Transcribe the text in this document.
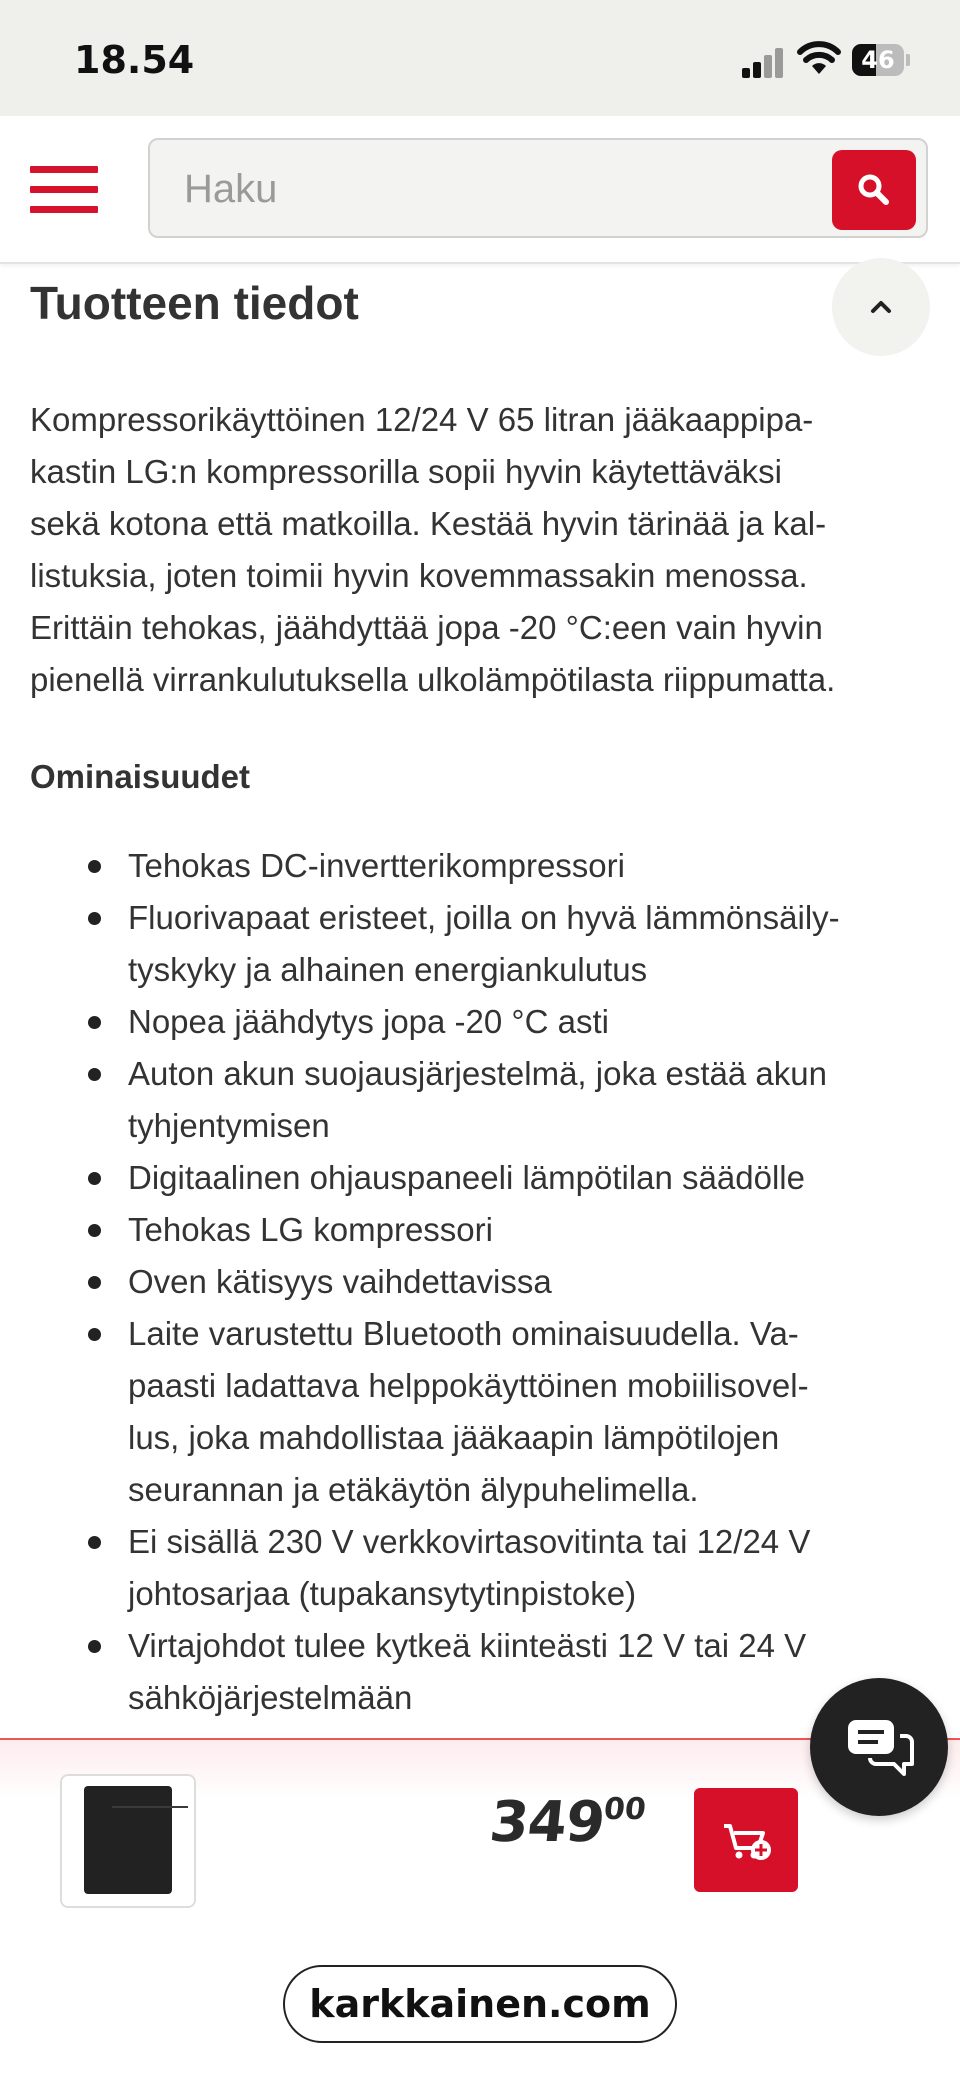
18.54	46
Haku
Tuotteen tiedot

Kompressorikäyttöinen 12/24 V 65 litran jääkaappipa-
kastin LG:n kompressorilla sopii hyvin käytettäväksi
sekä kotona että matkoilla. Kestää hyvin tärinää ja kal-
listuksia, joten toimii hyvin kovemmassakin menossa.
Erittäin tehokas, jäähdyttää jopa -20 °C:een vain hyvin
pienellä virrankulutuksella ulkolämpötilasta riippumatta.

Ominaisuudet
Tehokas DC-invertterikompressori
Fluorivapaat eristeet, joilla on hyvä lämmönsäily-
tyskyky ja alhainen energiankulutus
Nopea jäähdytys jopa -20 °C asti
Auton akun suojausjärjestelmä, joka estää akun
tyhjentymisen
Digitaalinen ohjauspaneeli lämpötilan säädölle
Tehokas LG kompressori
Oven kätisyys vaihdettavissa
Laite varustettu Bluetooth ominaisuudella. Va-
paasti ladattava helppokäyttöinen mobiilisovel-
lus, joka mahdollistaa jääkaapin lämpötilojen
seurannan ja etäkäytön älypuhelimella.
Ei sisällä 230 V verkkovirtasovitinta tai 12/24 V
johtosarjaa (tupakansytytinpistoke)
Virtajohdot tulee kytkeä kiinteästi 12 V tai 24 V
sähköjärjestelmään
34900
karkkainen.com
